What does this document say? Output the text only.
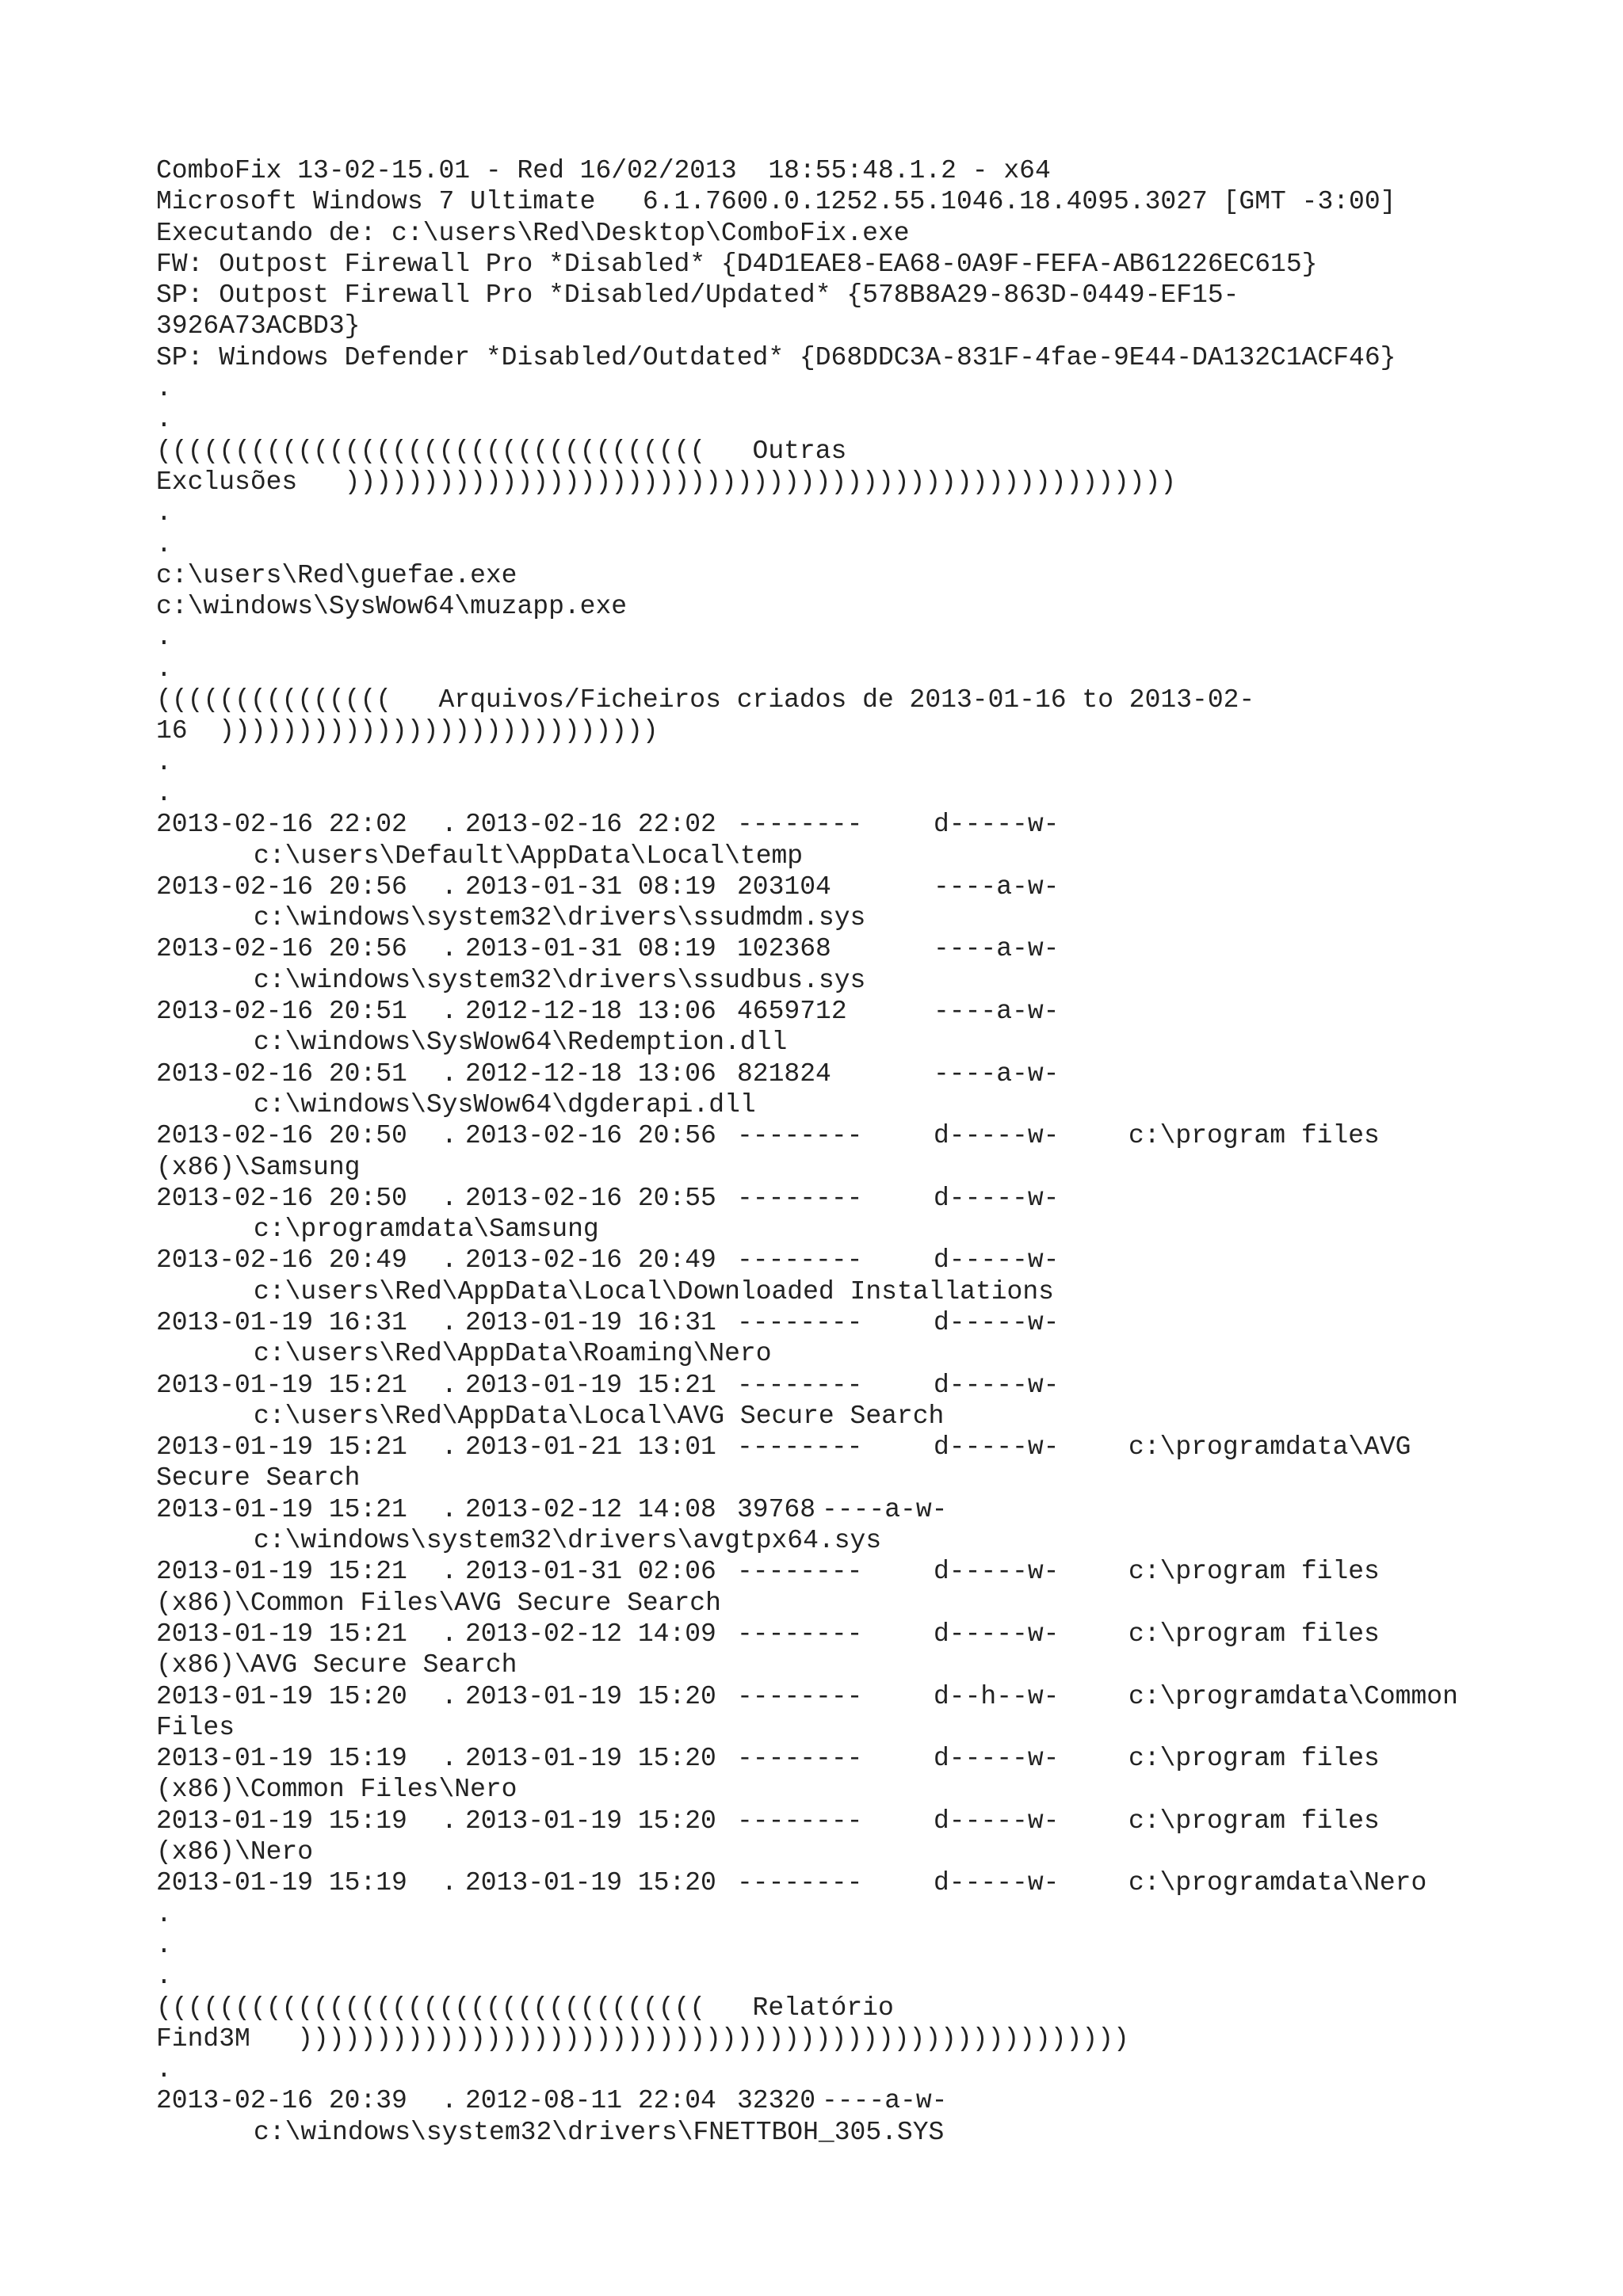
ComboFix 13-02-15.01 - Red 16/02/2013  18:55:48.1.2 - x64
Microsoft Windows 7 Ultimate   6.1.7600.0.1252.55.1046.18.4095.3027 [GMT -3:00]
Executando de: c:\users\Red\Desktop\ComboFix.exe
FW: Outpost Firewall Pro *Disabled* {D4D1EAE8-EA68-0A9F-FEFA-AB61226EC615}
SP: Outpost Firewall Pro *Disabled/Updated* {578B8A29-863D-0449-EF15-
3926A73ACBD3}
SP: Windows Defender *Disabled/Outdated* {D68DDC3A-831F-4fae-9E44-DA132C1ACF46}
.
.
(((((((((((((((((((((((((((((((((((   Outras
Exclusões   )))))))))))))))))))))))))))))))))))))))))))))))))))))
.
.
c:\users\Red\guefae.exe
c:\windows\SysWow64\muzapp.exe
.
.
(((((((((((((((   Arquivos/Ficheiros criados de 2013-01-16 to 2013-02-
16  ))))))))))))))))))))))))))))
.
.
2013-02-16 22:02 . 2013-02-16 22:02 --------	d-----w-
c:\users\Default\AppData\Local\temp
2013-02-16 20:56 . 2013-01-31 08:19 203104	----a-w-
c:\windows\system32\drivers\ssudmdm.sys
2013-02-16 20:56 . 2013-01-31 08:19 102368	----a-w-
c:\windows\system32\drivers\ssudbus.sys
2013-02-16 20:51 . 2012-12-18 13:06 4659712	----a-w-
c:\windows\SysWow64\Redemption.dll
2013-02-16 20:51 . 2012-12-18 13:06 821824	----a-w-
c:\windows\SysWow64\dgderapi.dll
2013-02-16 20:50 . 2013-02-16 20:56 --------	d-----w-	c:\program files
(x86)\Samsung
2013-02-16 20:50 . 2013-02-16 20:55 --------	d-----w-
c:\programdata\Samsung
2013-02-16 20:49 . 2013-02-16 20:49 --------	d-----w-
c:\users\Red\AppData\Local\Downloaded Installations
2013-01-19 16:31 . 2013-01-19 16:31 --------	d-----w-
c:\users\Red\AppData\Roaming\Nero
2013-01-19 15:21 . 2013-01-19 15:21 --------	d-----w-
c:\users\Red\AppData\Local\AVG Secure Search
2013-01-19 15:21 . 2013-01-21 13:01 --------	d-----w-	c:\programdata\AVG
Secure Search
2013-01-19 15:21 . 2013-02-12 14:08 39768 ----a-w-
c:\windows\system32\drivers\avgtpx64.sys
2013-01-19 15:21 . 2013-01-31 02:06 --------	d-----w-	c:\program files
(x86)\Common Files\AVG Secure Search
2013-01-19 15:21 . 2013-02-12 14:09 --------	d-----w-	c:\program files
(x86)\AVG Secure Search
2013-01-19 15:20 . 2013-01-19 15:20 --------	d--h--w-	c:\programdata\Common
Files
2013-01-19 15:19 . 2013-01-19 15:20 --------	d-----w-	c:\program files
(x86)\Common Files\Nero
2013-01-19 15:19 . 2013-01-19 15:20 --------	d-----w-	c:\program files
(x86)\Nero
2013-01-19 15:19 . 2013-01-19 15:20 --------	d-----w-	c:\programdata\Nero
.
.
.
(((((((((((((((((((((((((((((((((((   Relatório
Find3M   )))))))))))))))))))))))))))))))))))))))))))))))))))))
.
2013-02-16 20:39 . 2012-08-11 22:04 32320 ----a-w-
c:\windows\system32\drivers\FNETTBOH_305.SYS
